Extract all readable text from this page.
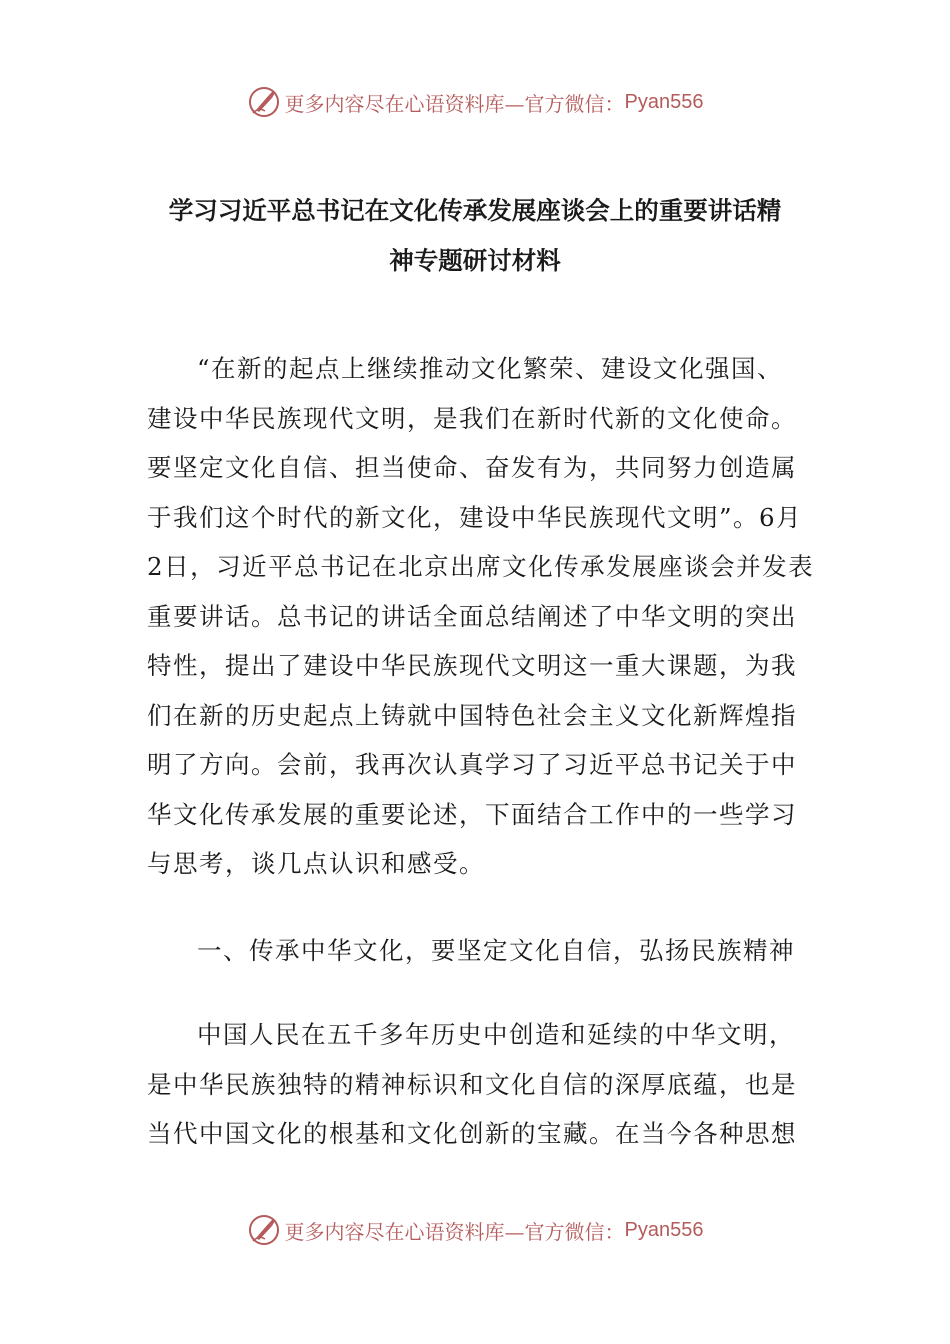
更多内容尽在心语资料库—官方微信： Pyan556
学习习近平总书记在文化传承发展座谈会上的重要讲话精
神专题研讨材料
“在新的起点上继续推动文化繁荣、建设文化强国、
建设中华民族现代文明，是我们在新时代新的文化使命。
要坚定文化自信、担当使命、奋发有为，共同努力创造属
于我们这个时代的新文化，建设中华民族现代文明”。6月
2日，习近平总书记在北京出席文化传承发展座谈会并发表
重要讲话。总书记的讲话全面总结阐述了中华文明的突出
特性，提出了建设中华民族现代文明这一重大课题，为我
们在新的历史起点上铸就中国特色社会主义文化新辉煌指
明了方向。会前，我再次认真学习了习近平总书记关于中
华文化传承发展的重要论述，下面结合工作中的一些学习
与思考，谈几点认识和感受。
一、传承中华文化，要坚定文化自信，弘扬民族精神
中国人民在五千多年历史中创造和延续的中华文明，
是中华民族独特的精神标识和文化自信的深厚底蕴，也是
当代中国文化的根基和文化创新的宝藏。在当今各种思想
更多内容尽在心语资料库—官方微信： Pyan556
